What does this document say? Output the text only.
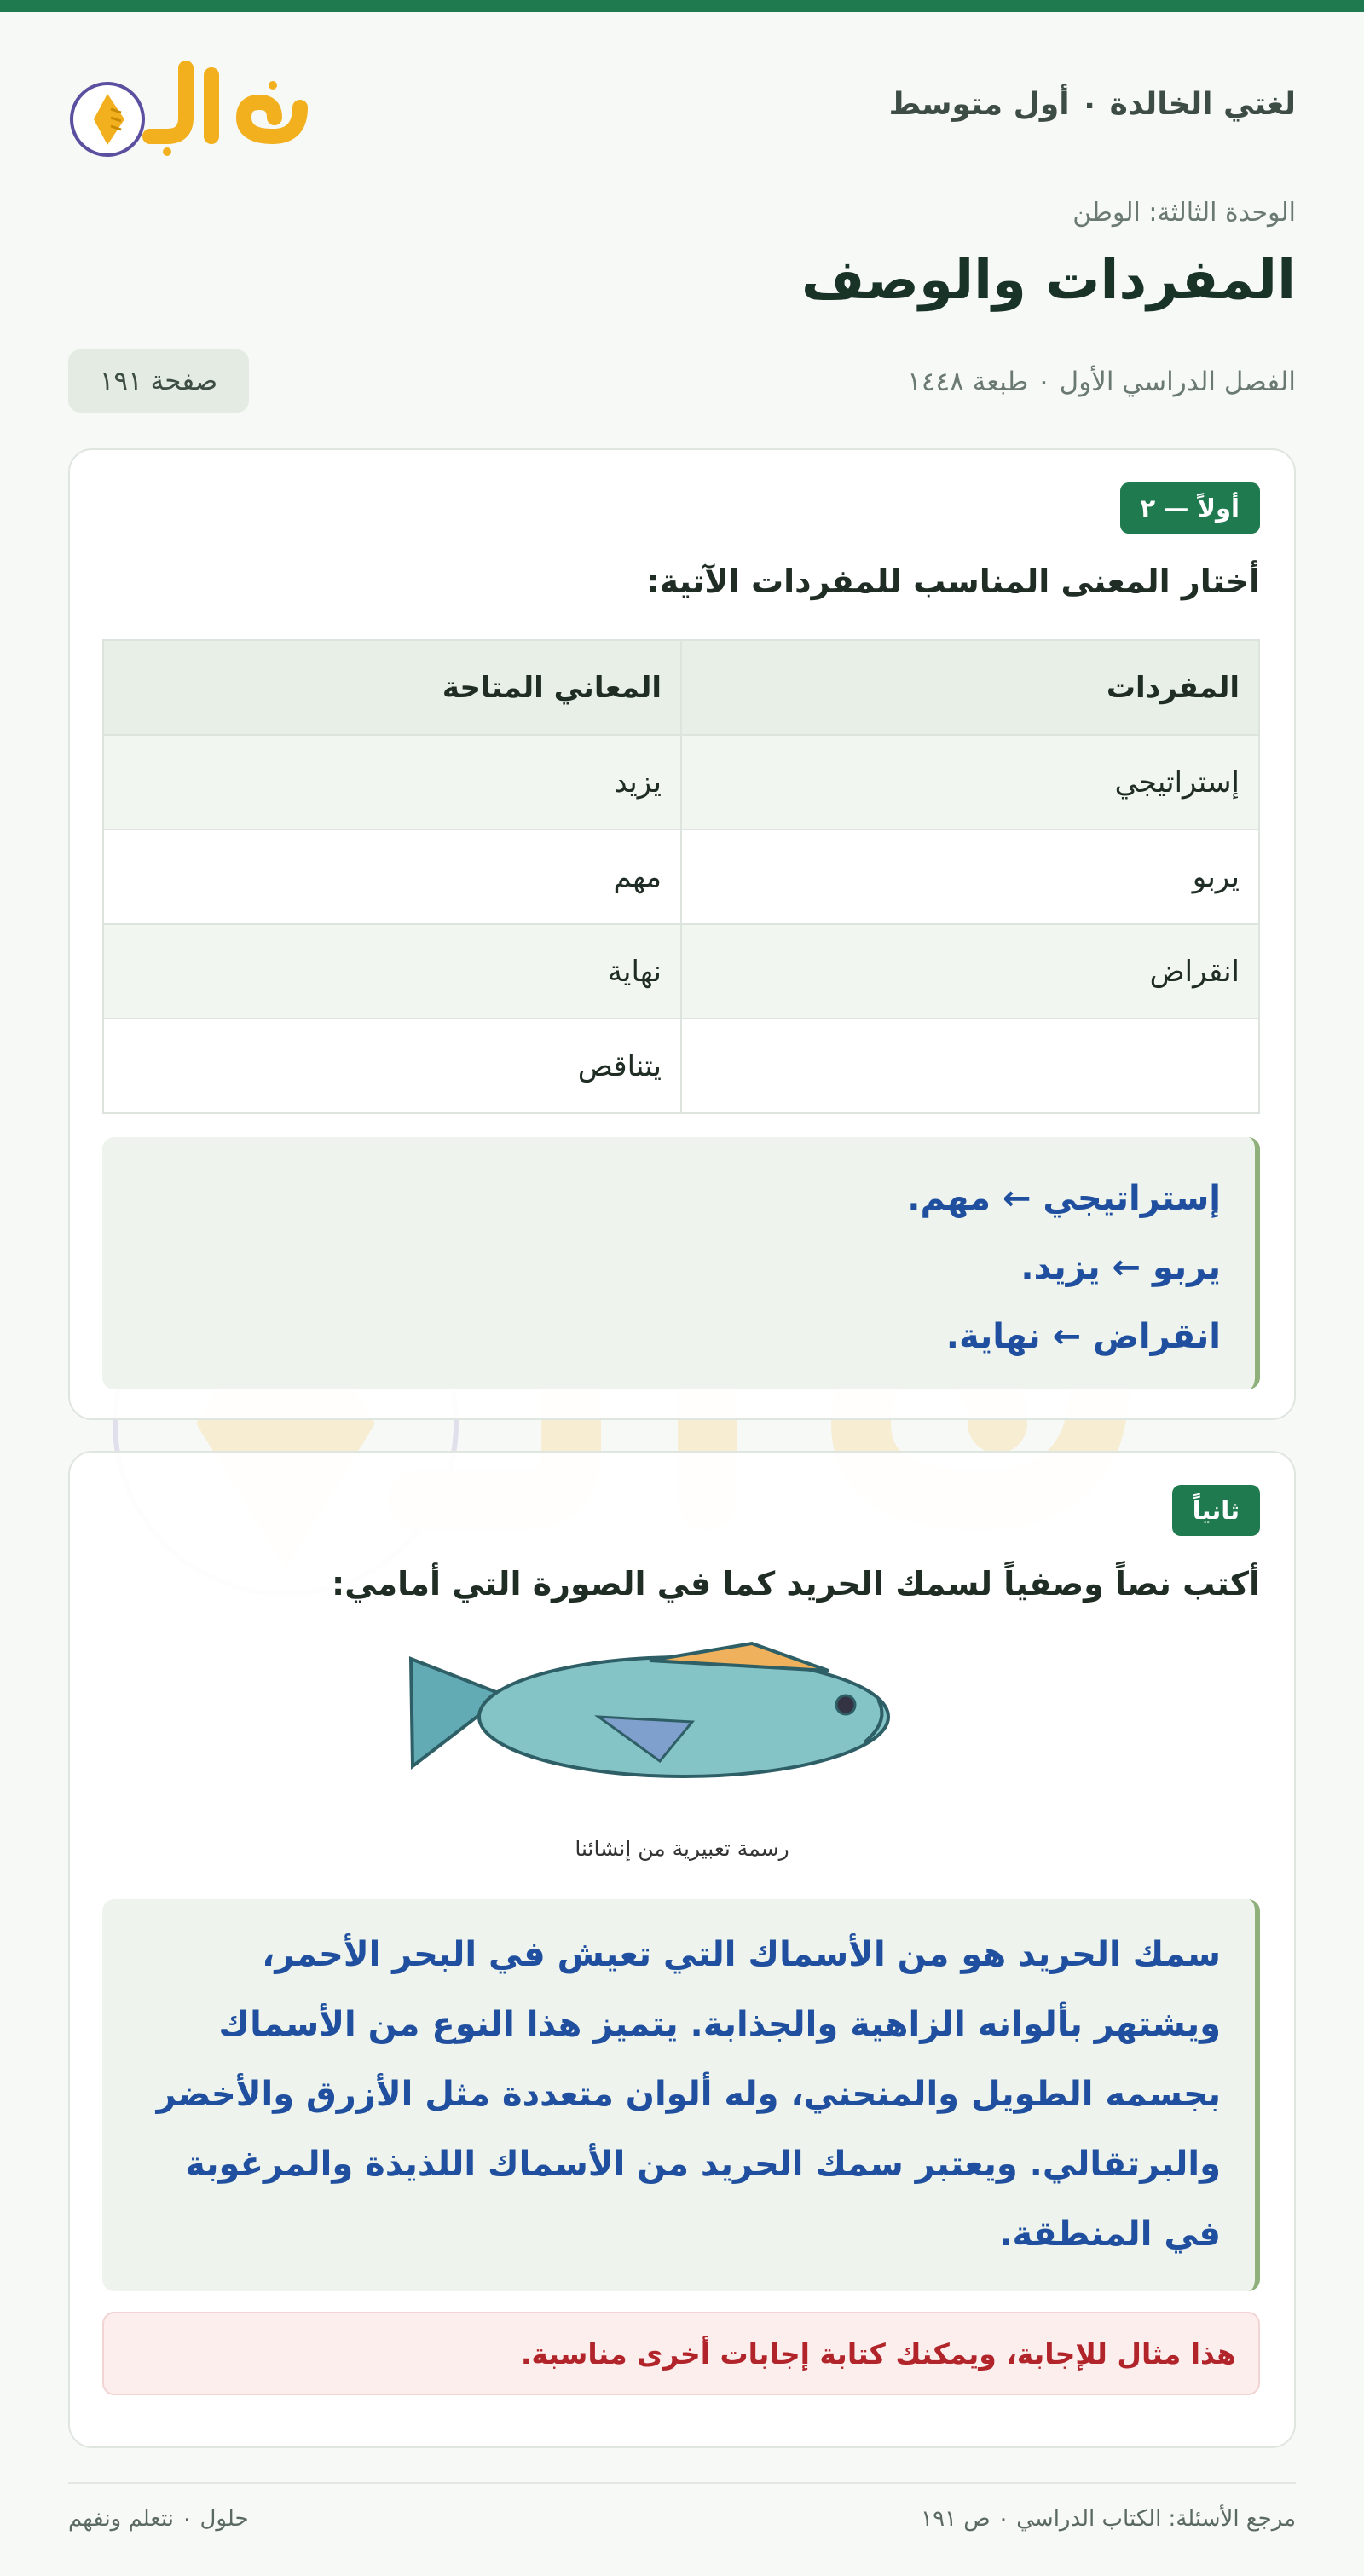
لغتي الخالدة ٠ أول متوسط
الوحدة الثالثة: الوطن
المفردات والوصف
الفصل الدراسي الأول ٠ طبعة ١٤٤٨
صفحة ١٩١
أولاً — ٢
أختار المعنى المناسب للمفردات الآتية:
المفردات	المعاني المتاحة
إستراتيجي	يزيد
يربو	مهم
انقراض	نهاية
	يتناقص
إستراتيجي ← مهم.
يربو ← يزيد.
انقراض ← نهاية.
ثانياً
أكتب نصاً وصفياً لسمك الحريد كما في الصورة التي أمامي:
رسمة تعبيرية من إنشائنا
سمك الحريد هو من الأسماك التي تعيش في البحر الأحمر، ويشتهر بألوانه الزاهية والجذابة. يتميز هذا النوع من الأسماك بجسمه الطويل والمنحني، وله ألوان متعددة مثل الأزرق والأخضر والبرتقالي. ويعتبر سمك الحريد من الأسماك اللذيذة والمرغوبة في المنطقة.
هذا مثال للإجابة، ويمكنك كتابة إجابات أخرى مناسبة.
مرجع الأسئلة: الكتاب الدراسي ٠ ص ١٩١
حلول ٠ نتعلم ونفهم
